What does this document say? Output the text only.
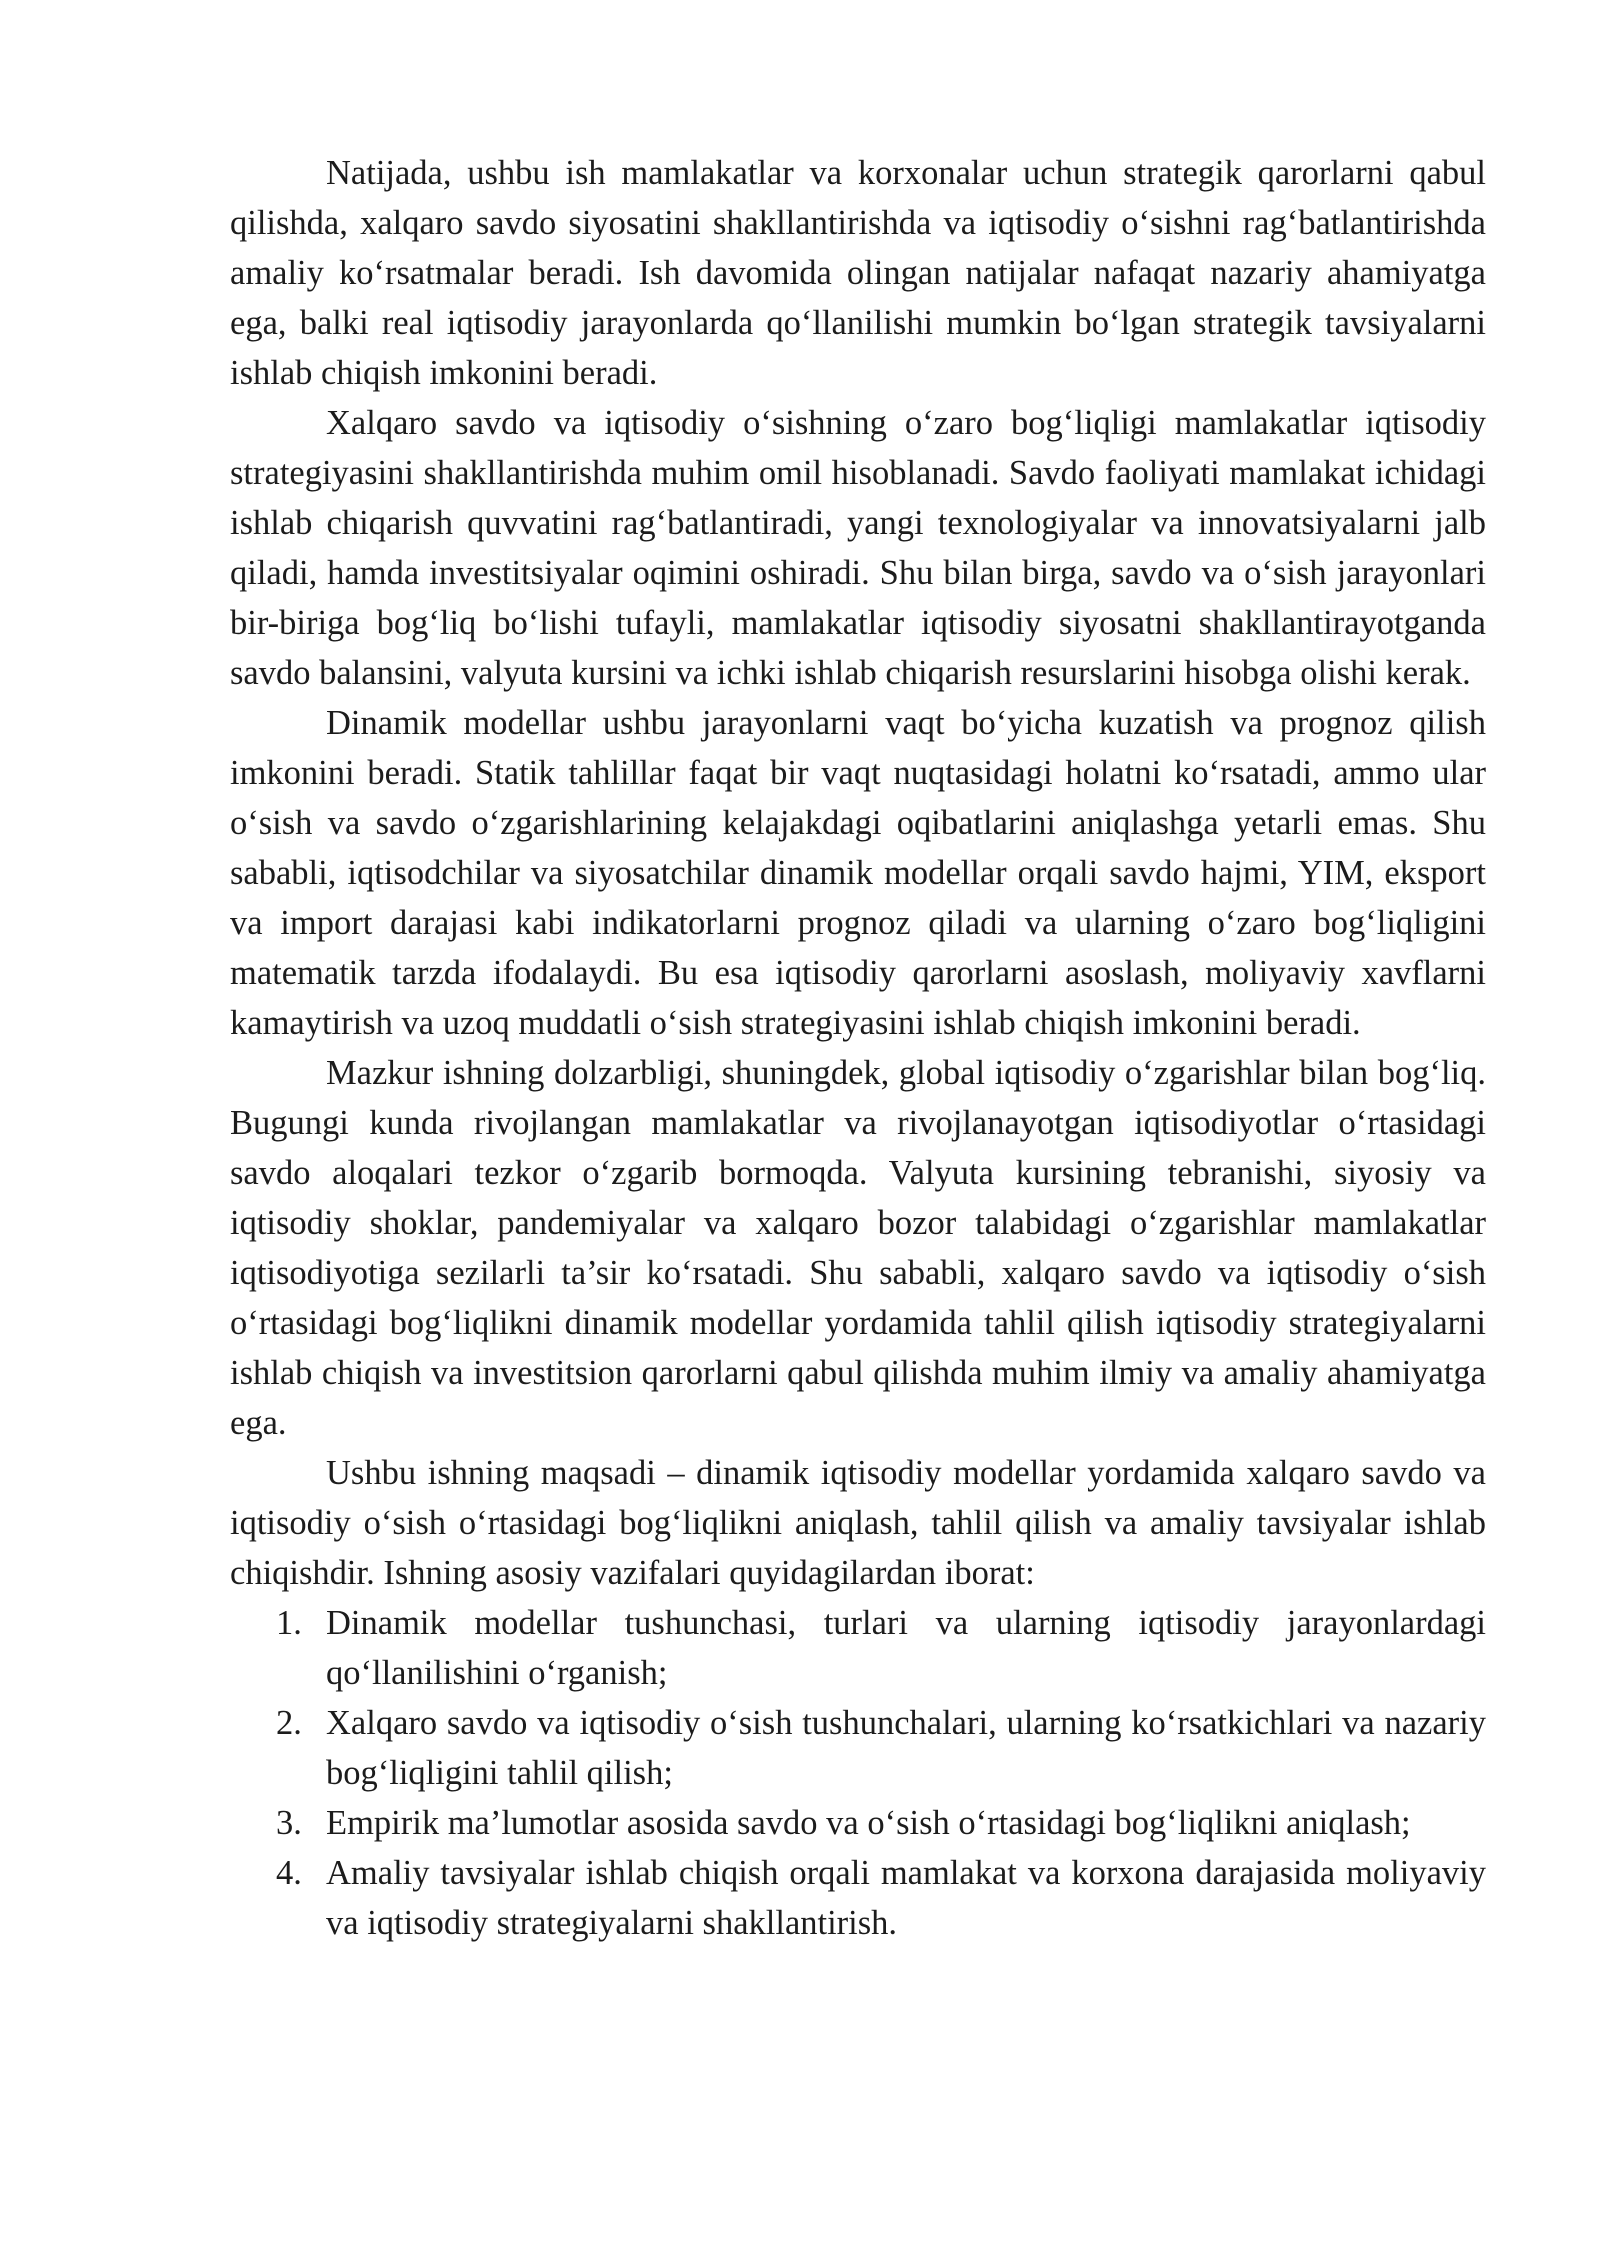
Natijada, ushbu ish mamlakatlar va korxonalar uchun strategik qarorlarni qabul qilishda, xalqaro savdo siyosatini shakllantirishda va iqtisodiy o‘sishni rag‘batlantirishda amaliy ko‘rsatmalar beradi. Ish davomida olingan natijalar nafaqat nazariy ahamiyatga ega, balki real iqtisodiy jarayonlarda qo‘llanilishi mumkin bo‘lgan strategik tavsiyalarni ishlab chiqish imkonini beradi.

Xalqaro savdo va iqtisodiy o‘sishning o‘zaro bog‘liqligi mamlakatlar iqtisodiy strategiyasini shakllantirishda muhim omil hisoblanadi. Savdo faoliyati mamlakat ichidagi ishlab chiqarish quvvatini rag‘batlantiradi, yangi texnologiyalar va innovatsiyalarni jalb qiladi, hamda investitsiyalar oqimini oshiradi. Shu bilan birga, savdo va o‘sish jarayonlari bir-biriga bog‘liq bo‘lishi tufayli, mamlakatlar iqtisodiy siyosatni shakllantirayotganda savdo balansini, valyuta kursini va ichki ishlab chiqarish resurslarini hisobga olishi kerak.

Dinamik modellar ushbu jarayonlarni vaqt bo‘yicha kuzatish va prognoz qilish imkonini beradi. Statik tahlillar faqat bir vaqt nuqtasidagi holatni ko‘rsatadi, ammo ular o‘sish va savdo o‘zgarishlarining kelajakdagi oqibatlarini aniqlashga yetarli emas. Shu sababli, iqtisodchilar va siyosatchilar dinamik modellar orqali savdo hajmi, YIM, eksport va import darajasi kabi indikatorlarni prognoz qiladi va ularning o‘zaro bog‘liqligini matematik tarzda ifodalaydi. Bu esa iqtisodiy qarorlarni asoslash, moliyaviy xavflarni kamaytirish va uzoq muddatli o‘sish strategiyasini ishlab chiqish imkonini beradi.

Mazkur ishning dolzarbligi, shuningdek, global iqtisodiy o‘zgarishlar bilan bog‘liq. Bugungi kunda rivojlangan mamlakatlar va rivojlanayotgan iqtisodiyotlar o‘rtasidagi savdo aloqalari tezkor o‘zgarib bormoqda. Valyuta kursining tebranishi, siyosiy va iqtisodiy shoklar, pandemiyalar va xalqaro bozor talabidagi o‘zgarishlar mamlakatlar iqtisodiyotiga sezilarli ta’sir ko‘rsatadi. Shu sababli, xalqaro savdo va iqtisodiy o‘sish o‘rtasidagi bog‘liqlikni dinamik modellar yordamida tahlil qilish iqtisodiy strategiyalarni ishlab chiqish va investitsion qarorlarni qabul qilishda muhim ilmiy va amaliy ahamiyatga ega.

Ushbu ishning maqsadi – dinamik iqtisodiy modellar yordamida xalqaro savdo va iqtisodiy o‘sish o‘rtasidagi bog‘liqlikni aniqlash, tahlil qilish va amaliy tavsiyalar ishlab chiqishdir. Ishning asosiy vazifalari quyidagilardan iborat:

1. Dinamik modellar tushunchasi, turlari va ularning iqtisodiy jarayonlardagi qo‘llanilishini o‘rganish;
2. Xalqaro savdo va iqtisodiy o‘sish tushunchalari, ularning ko‘rsatkichlari va nazariy bog‘liqligini tahlil qilish;
3. Empirik ma’lumotlar asosida savdo va o‘sish o‘rtasidagi bog‘liqlikni aniqlash;
4. Amaliy tavsiyalar ishlab chiqish orqali mamlakat va korxona darajasida moliyaviy va iqtisodiy strategiyalarni shakllantirish.
